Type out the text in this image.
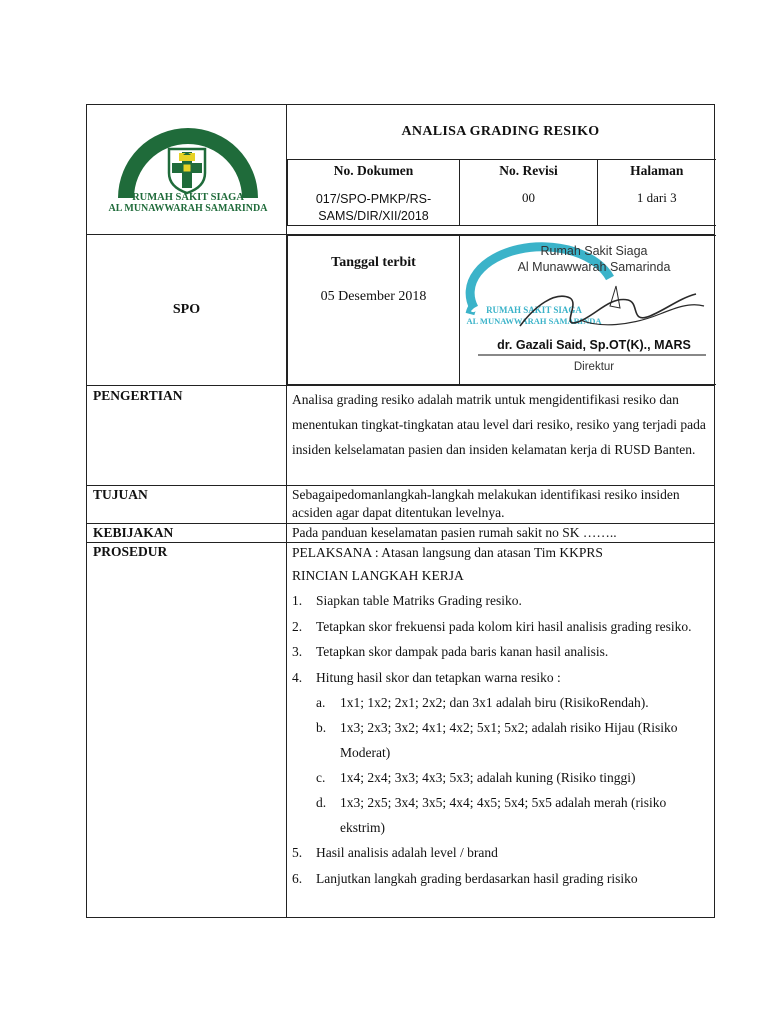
RUMAH SAKIT SIAGA
AL MUNAWWARAH SAMARINDA

ANALISA GRADING RESIKO
No. Dokumen
017/SPO-PMKP/RS-SAMS/DIR/XII/2018

No. Revisi
00

Halaman
1 dari 3

SPO	
Tanggal terbit
05 Desember 2018

Rumah Sakit Siaga
Al Munawwarah Samarinda
RUMAH SAKIT SIAGA
AL MUNAWWARAH SAMARINDA
dr. Gazali Said, Sp.OT(K)., MARS
Direktur

PENGERTIAN	Analisa grading resiko adalah matrik untuk mengidentifikasi resiko dan menentukan tingkat-tingkatan atau level dari resiko, resiko yang terjadi pada insiden kelselamatan pasien dan insiden kelamatan kerja di RUSD Banten.
TUJUAN	Sebagaipedomanlangkah-langkah melakukan identifikasi resiko insiden acsiden agar dapat ditentukan levelnya.
KEBIJAKAN	Pada panduan keselamatan pasien rumah sakit no SK ……..
PROSEDUR	PELAKSANA : Atasan langsung dan atasan Tim KKPRS
RINCIAN LANGKAH KERJA
1. Siapkan table Matriks Grading resiko.
2. Tetapkan skor frekuensi pada kolom kiri hasil analisis grading resiko.
3. Tetapkan skor dampak pada baris kanan hasil analisis.
4. Hitung hasil skor dan tetapkan warna resiko :
a. 1x1; 1x2; 2x1; 2x2; dan 3x1 adalah biru (RisikoRendah).
b. 1x3; 2x3; 3x2; 4x1; 4x2; 5x1; 5x2; adalah risiko Hijau (Risiko Moderat)
c. 1x4; 2x4; 3x3; 4x3; 5x3; adalah kuning (Risiko tinggi)
d. 1x3; 2x5; 3x4; 3x5; 4x4; 4x5; 5x4; 5x5 adalah merah (risiko ekstrim)
5. Hasil analisis adalah level / brand
6. Lanjutkan langkah grading berdasarkan hasil grading risiko
